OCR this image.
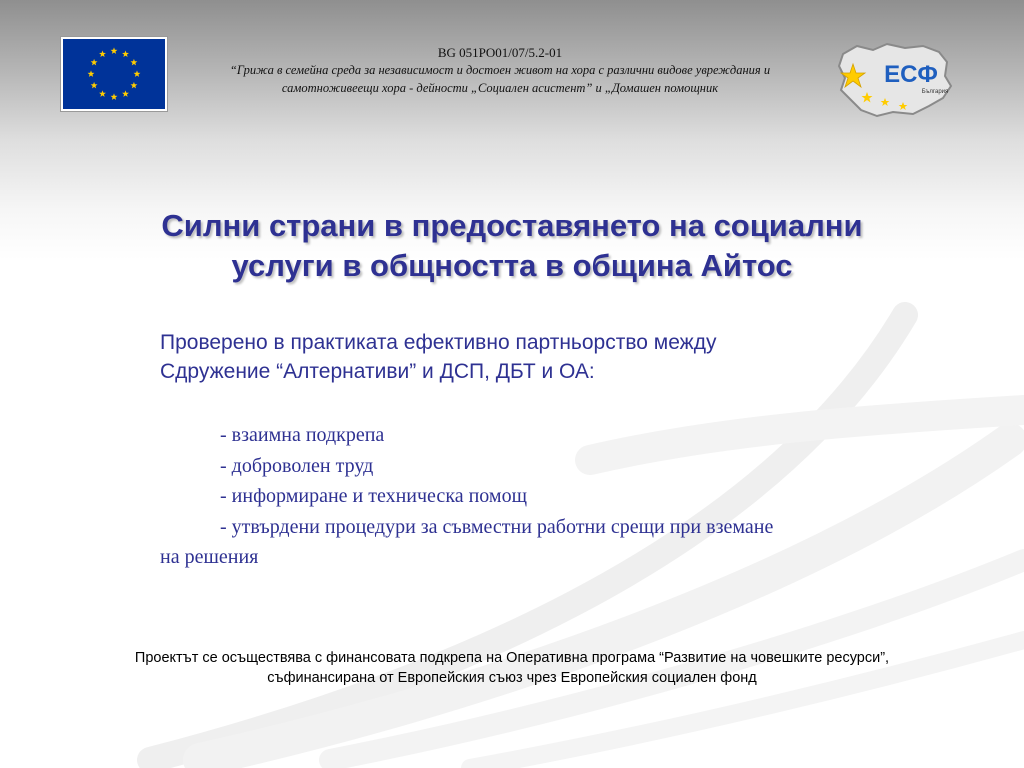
BG 051PO01/07/5.2-01
“Грижа в семейна среда за независимост и достоен живот на хора с различни видове увреждания и
самотноживеещи хора - дейности „Социален асистент” и „Домашен помощник	ЕСФ
България
Силни страни в предоставянето на социални
услуги в общността в община Айтос
Проверено в практиката ефективно партньорство между
Сдружение “Алтернативи” и ДСП, ДБТ и ОА:
- взаимна подкрепа
- доброволен труд
- информиране и техническа помощ
- утвърдени процедури за съвместни работни срещи при вземане
на решения
Проектът се осъществява с финансовата подкрепа на Оперативна програма “Развитие на човешките ресурси”,
съфинансирана от Европейския съюз чрез Европейския социален фонд
